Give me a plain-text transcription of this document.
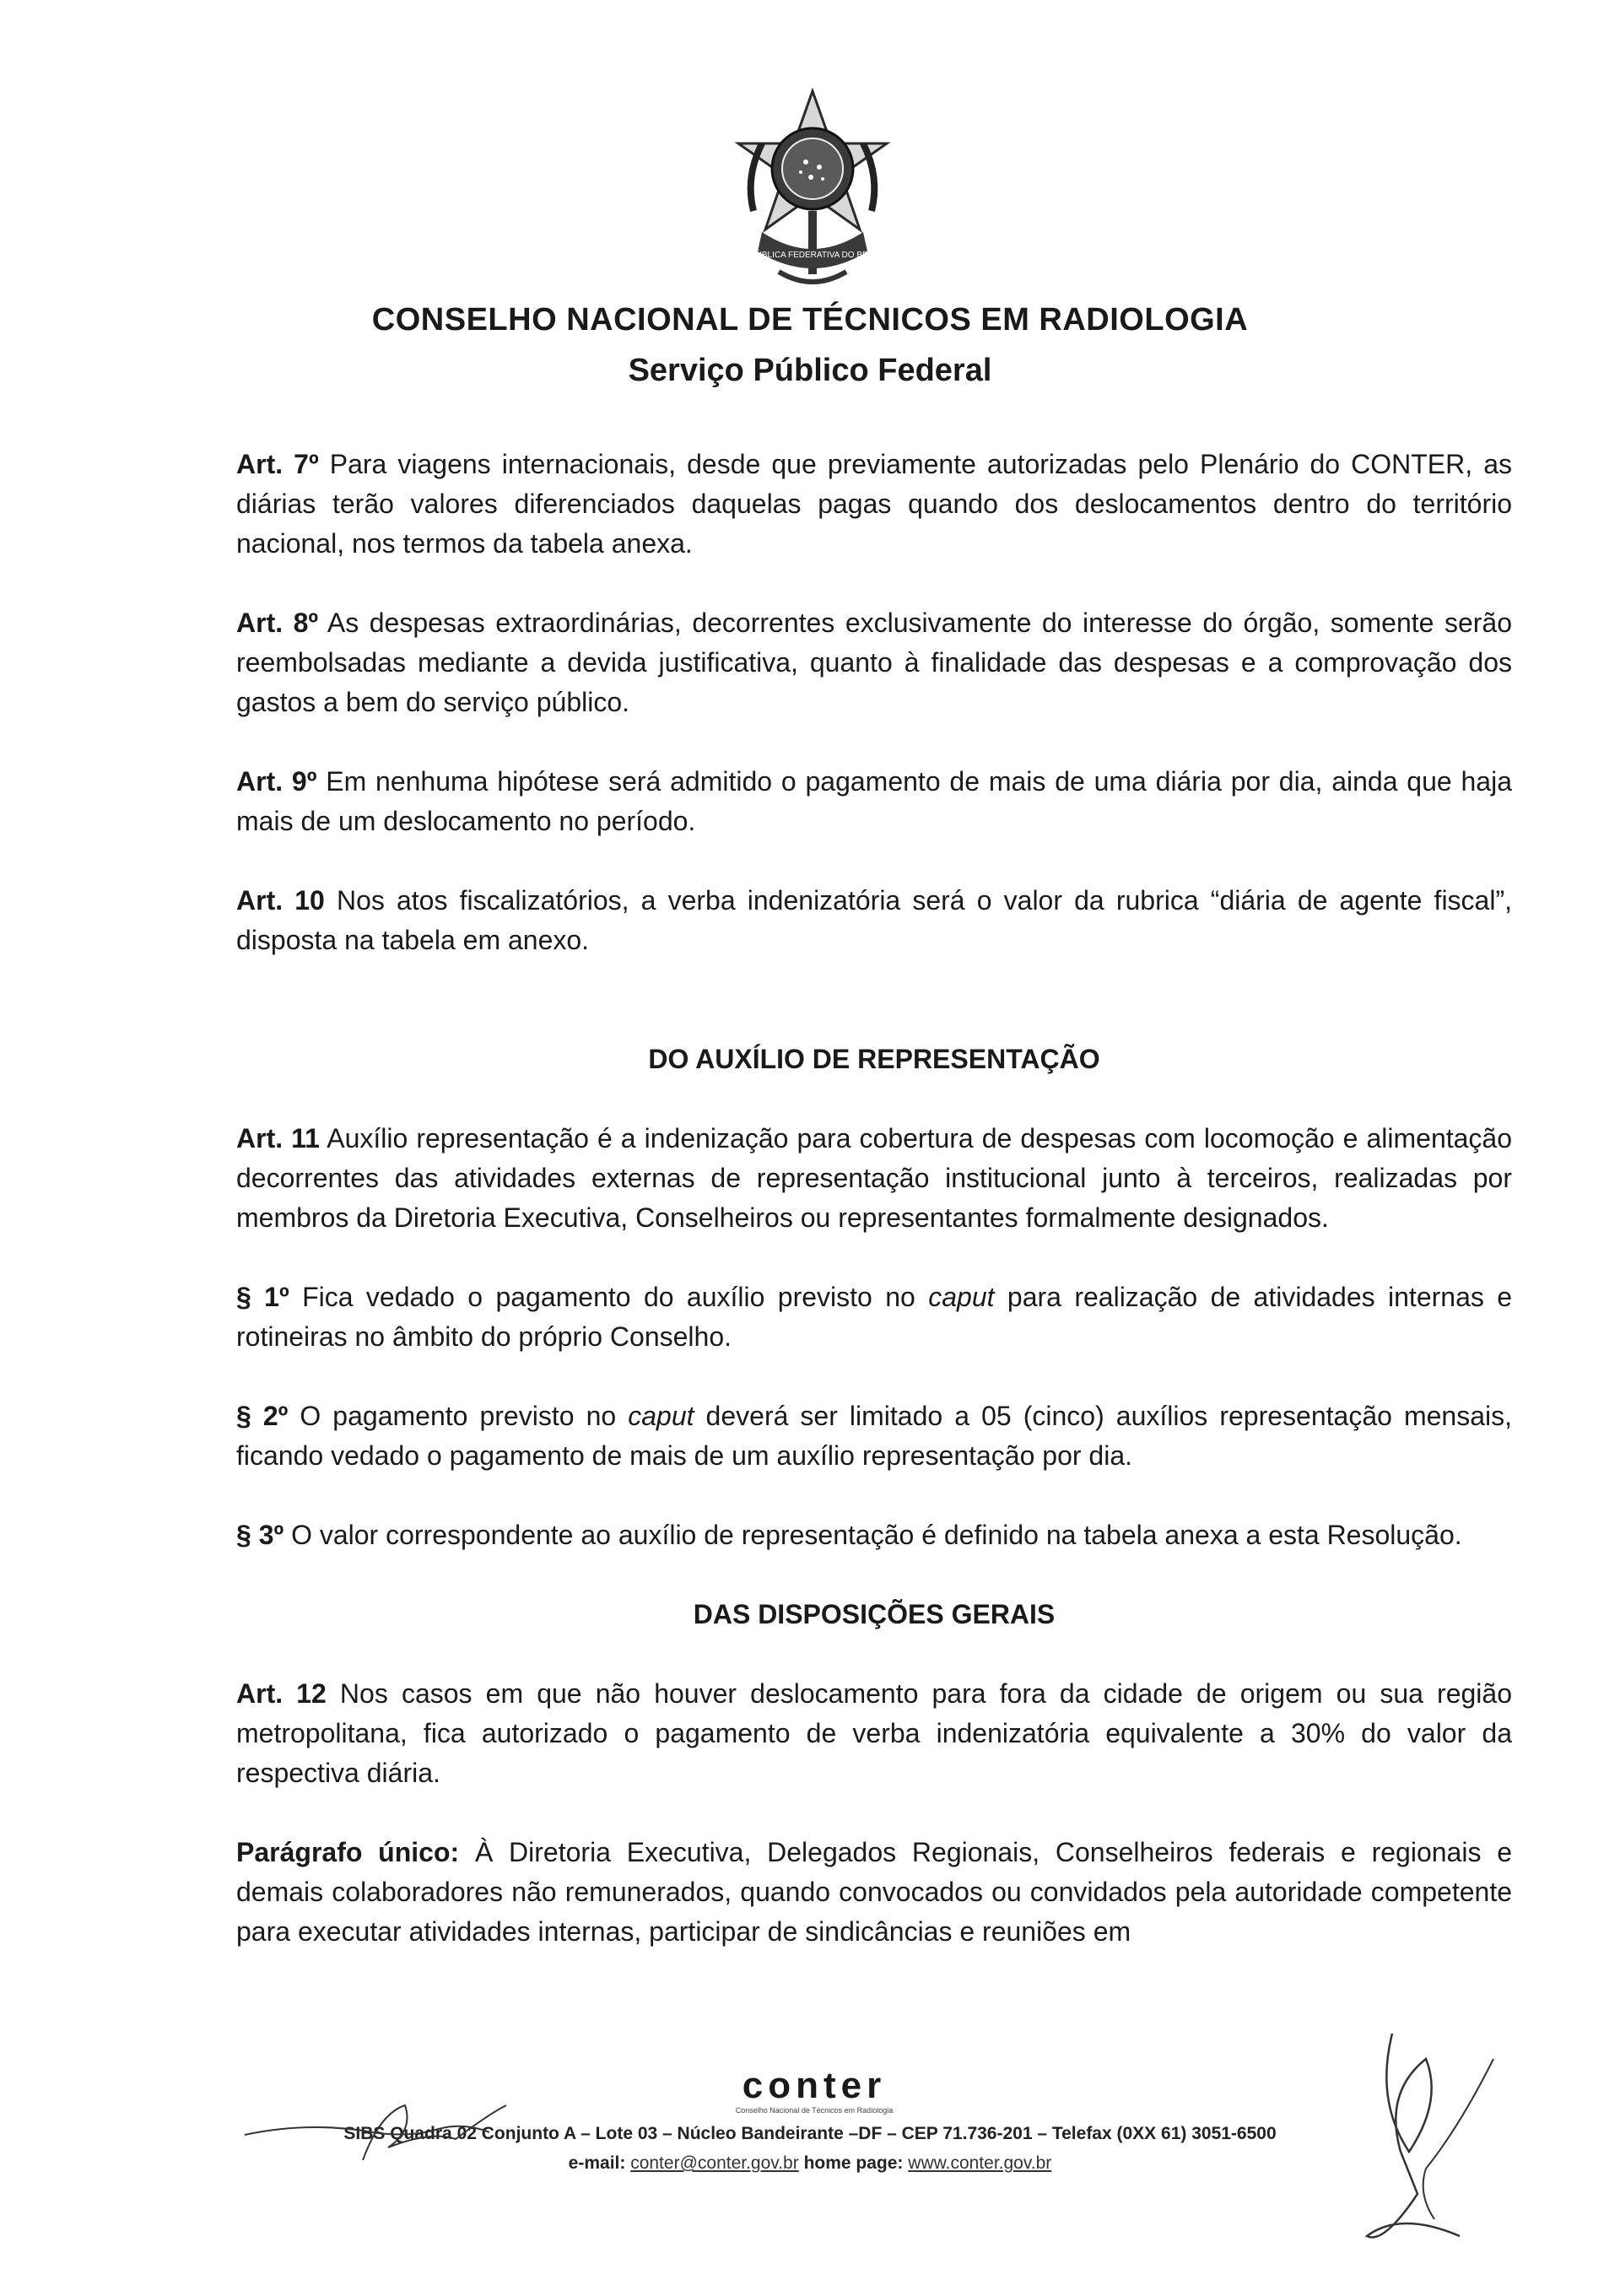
REPÚBLICA FEDERATIVA DO BRASIL
CONSELHO NACIONAL DE TÉCNICOS EM RADIOLOGIA
Serviço Público Federal

Art. 7º Para viagens internacionais, desde que previamente autorizadas pelo Plenário do CONTER, as diárias terão valores diferenciados daquelas pagas quando dos deslocamentos dentro do território nacional, nos termos da tabela anexa.

Art. 8º As despesas extraordinárias, decorrentes exclusivamente do interesse do órgão, somente serão reembolsadas mediante a devida justificativa, quanto à finalidade das despesas e a comprovação dos gastos a bem do serviço público.

Art. 9º Em nenhuma hipótese será admitido o pagamento de mais de uma diária por dia, ainda que haja mais de um deslocamento no período.

Art. 10 Nos atos fiscalizatórios, a verba indenizatória será o valor da rubrica “diária de agente fiscal”, disposta na tabela em anexo.

DO AUXÍLIO DE REPRESENTAÇÃO

Art. 11 Auxílio representação é a indenização para cobertura de despesas com locomoção e alimentação decorrentes das atividades externas de representação institucional junto à terceiros, realizadas por membros da Diretoria Executiva, Conselheiros ou representantes formalmente designados.

§ 1º Fica vedado o pagamento do auxílio previsto no caput para realização de atividades internas e rotineiras no âmbito do próprio Conselho.

§ 2º O pagamento previsto no caput deverá ser limitado a 05 (cinco) auxílios representação mensais, ficando vedado o pagamento de mais de um auxílio representação por dia.

§ 3º O valor correspondente ao auxílio de representação é definido na tabela anexa a esta Resolução.

DAS DISPOSIÇÕES GERAIS

Art. 12 Nos casos em que não houver deslocamento para fora da cidade de origem ou sua região metropolitana, fica autorizado o pagamento de verba indenizatória equivalente a 30% do valor da respectiva diária.

Parágrafo único: À Diretoria Executiva, Delegados Regionais, Conselheiros federais e regionais e demais colaboradores não remunerados, quando convocados ou convidados pela autoridade competente para executar atividades internas, participar de sindicâncias e reuniões em

conter
Conselho Nacional de Técnicos em Radiologia
SIBS Quadra 02 Conjunto A – Lote 03 – Núcleo Bandeirante –DF – CEP 71.736-201 – Telefax (0XX 61) 3051-6500
e-mail: conter@conter.gov.br home page: www.conter.gov.br
